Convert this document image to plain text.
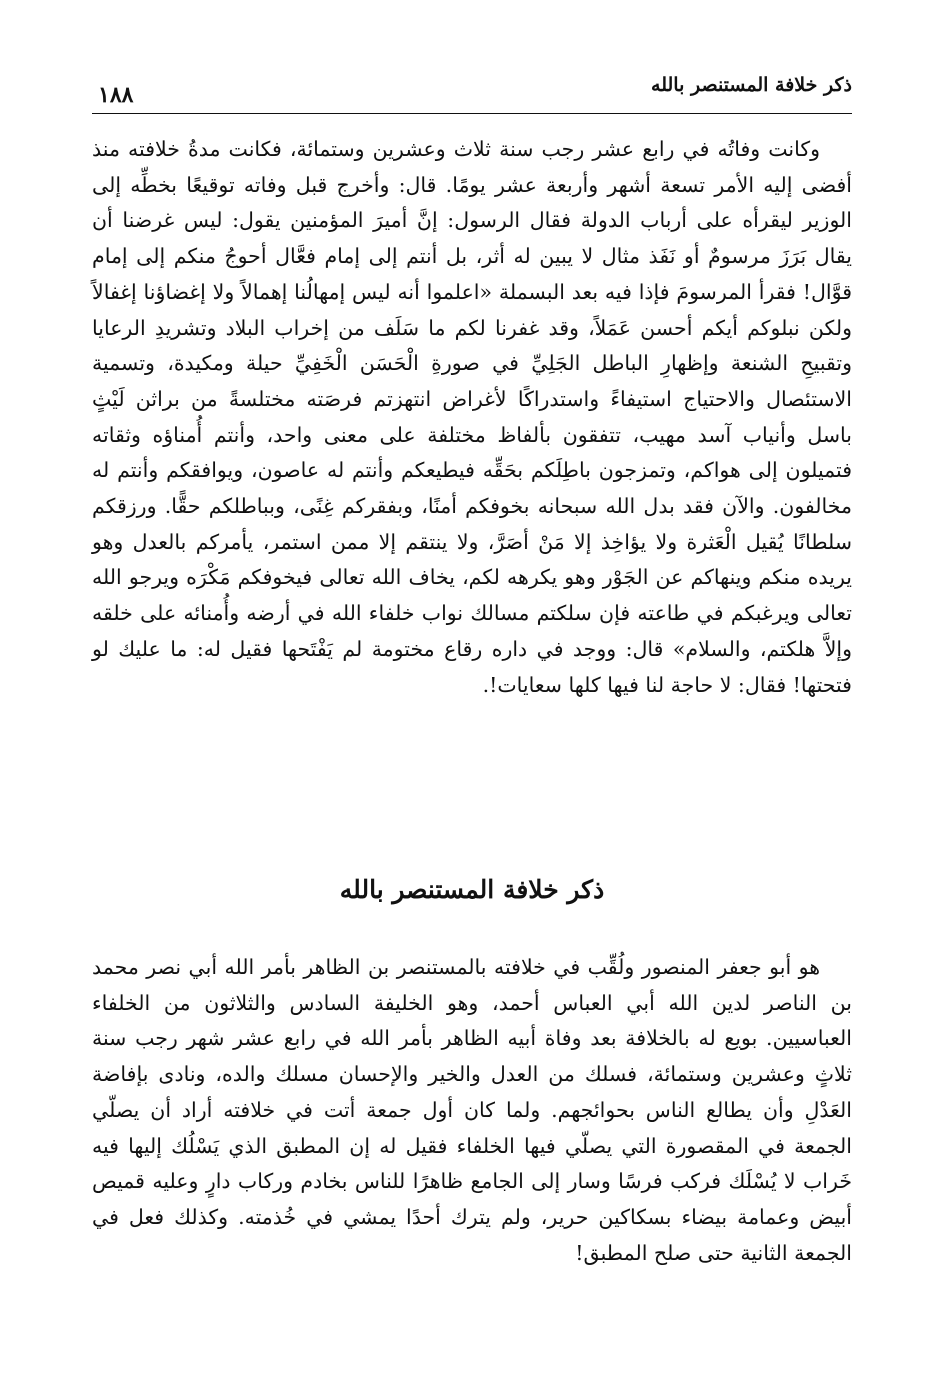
ذكر خلافة المستنصر بالله
١٨٨

وكانت وفاتُه في رابع عشر رجب سنة ثلاث وعشرين وستمائة، فكانت مدةُ خلافته منذ أفضى إليه الأمر تسعة أشهر وأربعة عشر يومًا. قال: وأخرج قبل وفاته توقيعًا بخطِّه إلى الوزير ليقرأه على أرباب الدولة فقال الرسول: إنَّ أميرَ المؤمنين يقول: ليس غرضنا أن يقال بَرَزَ مرسومٌ أو نَفَذ مثال لا يبين له أثر، بل أنتم إلى إمام فعَّال أحوجُ منكم إلى إمام قوَّال! فقرأ المرسومَ فإذا فيه بعد البسملة «اعلموا أنه ليس إمهالُنا إهمالاً ولا إغضاؤنا إغفالاً ولكن نبلوكم أيكم أحسن عَمَلاً، وقد غفرنا لكم ما سَلَف من إخراب البلاد وتشريدِ الرعايا وتقبيحِ الشنعة وإظهارِ الباطل الجَلِيِّ في صورةِ الْحَسَن الْخَفِيِّ حيلة ومكيدة، وتسمية الاستئصال والاحتياج استيفاءً واستدراكًا لأغراض انتهزتم فرصَته مختلسةً من براثن لَيْثٍ باسل وأنياب آسد مهيب، تتفقون بألفاظ مختلفة على معنى واحد، وأنتم أُمناؤه وثقاته فتميلون إلى هواكم، وتمزجون باطِلَكم بحَقِّه فيطيعكم وأنتم له عاصون، ويوافقكم وأنتم له مخالفون. والآن فقد بدل الله سبحانه بخوفكم أمنًا، وبفقركم غِنًى، وبباطلكم حقًّا. ورزقكم سلطانًا يُقيل الْعَثرة ولا يؤاخِذ إلا مَنْ أصَرَّ، ولا ينتقم إلا ممن استمر، يأمركم بالعدل وهو يريده منكم وينهاكم عن الجَوْر وهو يكرهه لكم، يخاف الله تعالى فيخوفكم مَكْرَه ويرجو الله تعالى ويرغبكم في طاعته فإن سلكتم مسالك نواب خلفاء الله في أرضه وأُمنائه على خلقه وإلاَّ هلكتم، والسلام» قال: ووجد في داره رقاع مختومة لم يَفْتَحها فقيل له: ما عليك لو فتحتها! فقال: لا حاجة لنا فيها كلها سعايات!.

ذكر خلافة المستنصر بالله

هو أبو جعفر المنصور ولُقِّب في خلافته بالمستنصر بن الظاهر بأمر الله أبي نصر محمد بن الناصر لدين الله أبي العباس أحمد، وهو الخليفة السادس والثلاثون من الخلفاء العباسيين. بويع له بالخلافة بعد وفاة أبيه الظاهر بأمر الله في رابع عشر شهر رجب سنة ثلاثٍ وعشرين وستمائة، فسلك من العدل والخير والإحسان مسلك والده، ونادى بإفاضة العَدْلِ وأن يطالع الناس بحوائجهم. ولما كان أول جمعة أتت في خلافته أراد أن يصلّي الجمعة في المقصورة التي يصلّي فيها الخلفاء فقيل له إن المطبق الذي يَسْلُك إليها فيه خَراب لا يُسْلَك فركب فرسًا وسار إلى الجامع ظاهرًا للناس بخادم وركاب دارٍ وعليه قميص أبيض وعمامة بيضاء بسكاكين حرير، ولم يترك أحدًا يمشي في خُذمته. وكذلك فعل في الجمعة الثانية حتى صلح المطبق!
